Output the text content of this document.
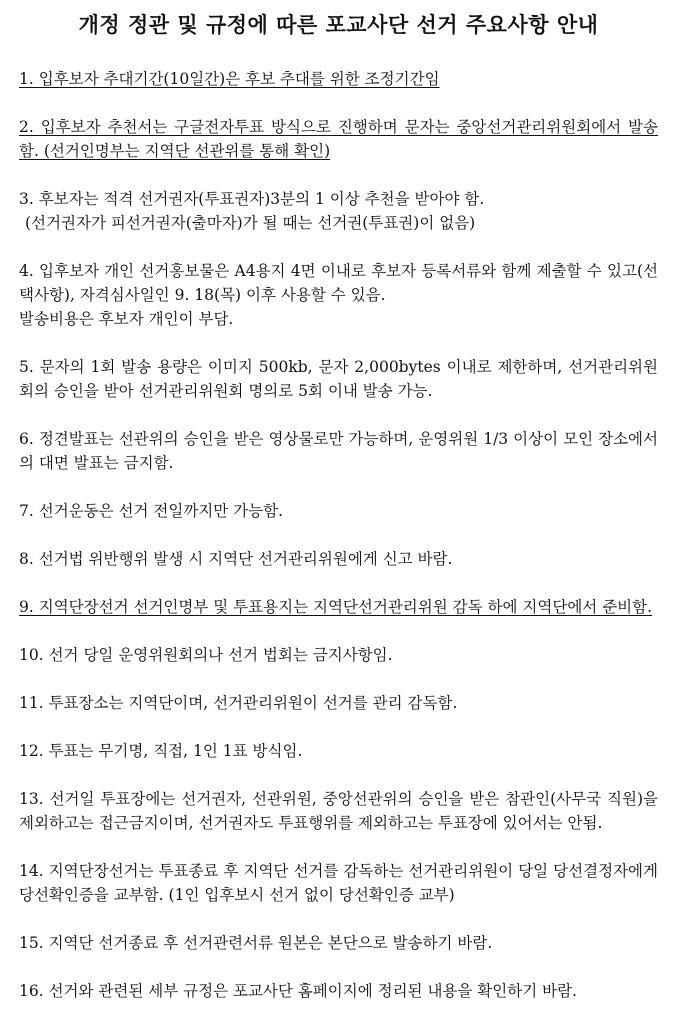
개정 정관 및 규정에 따른 포교사단 선거 주요사항 안내
1. 입후보자 추대기간(10일간)은 후보 추대를 위한 조정기간임
2. 입후보자 추천서는 구글전자투표 방식으로 진행하며 문자는 중앙선거관리위원회에서 발송함. (선거인명부는 지역단 선관위를 통해 확인)
3. 후보자는 적격 선거권자(투표권자)3분의 1 이상 추천을 받아야 함.
(선거권자가 피선거권자(출마자)가 될 때는 선거권(투표권)이 없음)
4. 입후보자 개인 선거홍보물은 A4용지 4면 이내로 후보자 등록서류와 함께 제출할 수 있고(선택사항), 자격심사일인 9. 18(목) 이후 사용할 수 있음.
발송비용은 후보자 개인이 부담.
5. 문자의 1회 발송 용량은 이미지 500kb, 문자 2,000bytes 이내로 제한하며, 선거관리위원회의 승인을 받아 선거관리위원회 명의로 5회 이내 발송 가능.
6. 정견발표는 선관위의 승인을 받은 영상물로만 가능하며, 운영위원 1/3 이상이 모인 장소에서의 대면 발표는 금지함.
7. 선거운동은 선거 전일까지만 가능함.
8. 선거법 위반행위 발생 시 지역단 선거관리위원에게 신고 바람.
9. 지역단장선거 선거인명부 및 투표용지는 지역단선거관리위원 감독 하에 지역단에서 준비함.
10. 선거 당일 운영위원회의나 선거 법회는 금지사항임.
11. 투표장소는 지역단이며, 선거관리위원이 선거를 관리 감독함.
12. 투표는 무기명, 직접, 1인 1표 방식임.
13. 선거일 투표장에는 선거권자, 선관위원, 중앙선관위의 승인을 받은 참관인(사무국 직원)을 제외하고는 접근금지이며, 선거권자도 투표행위를 제외하고는 투표장에 있어서는 안됨.
14. 지역단장선거는 투표종료 후 지역단 선거를 감독하는 선거관리위원이 당일 당선결정자에게 당선확인증을 교부함. (1인 입후보시 선거 없이 당선확인증 교부)
15. 지역단 선거종료 후 선거관련서류 원본은 본단으로 발송하기 바람.
16. 선거와 관련된 세부 규정은 포교사단 홈페이지에 정리된 내용을 확인하기 바람.
